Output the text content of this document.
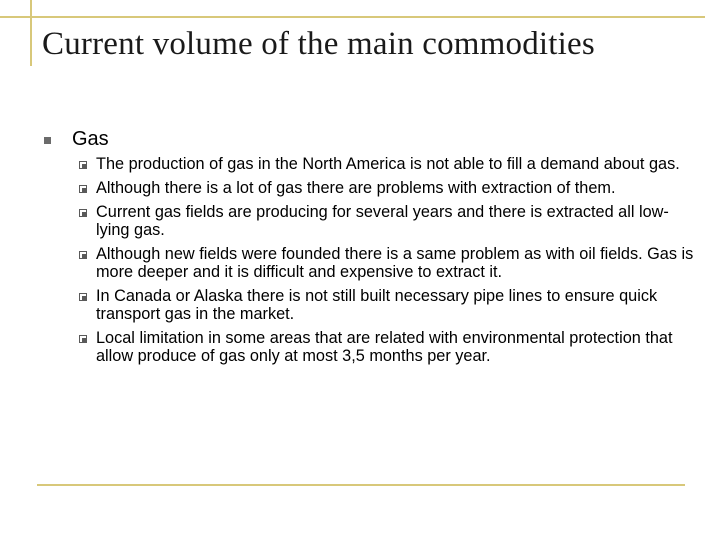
Current volume of the main commodities
Gas
The production of gas in the North America is not able to fill a demand about gas.
Although there is a lot of gas there are problems with extraction of them.
Current gas fields are producing for several years and there is extracted all low-lying gas.
Although new fields were founded there is a same problem as with oil fields. Gas is more deeper and it is difficult and expensive to extract it.
In Canada or Alaska there is not still built necessary pipe lines to ensure quick transport gas in the market.
Local limitation in some areas that are related with environmental protection that allow produce of gas only at most 3,5 months per year.
